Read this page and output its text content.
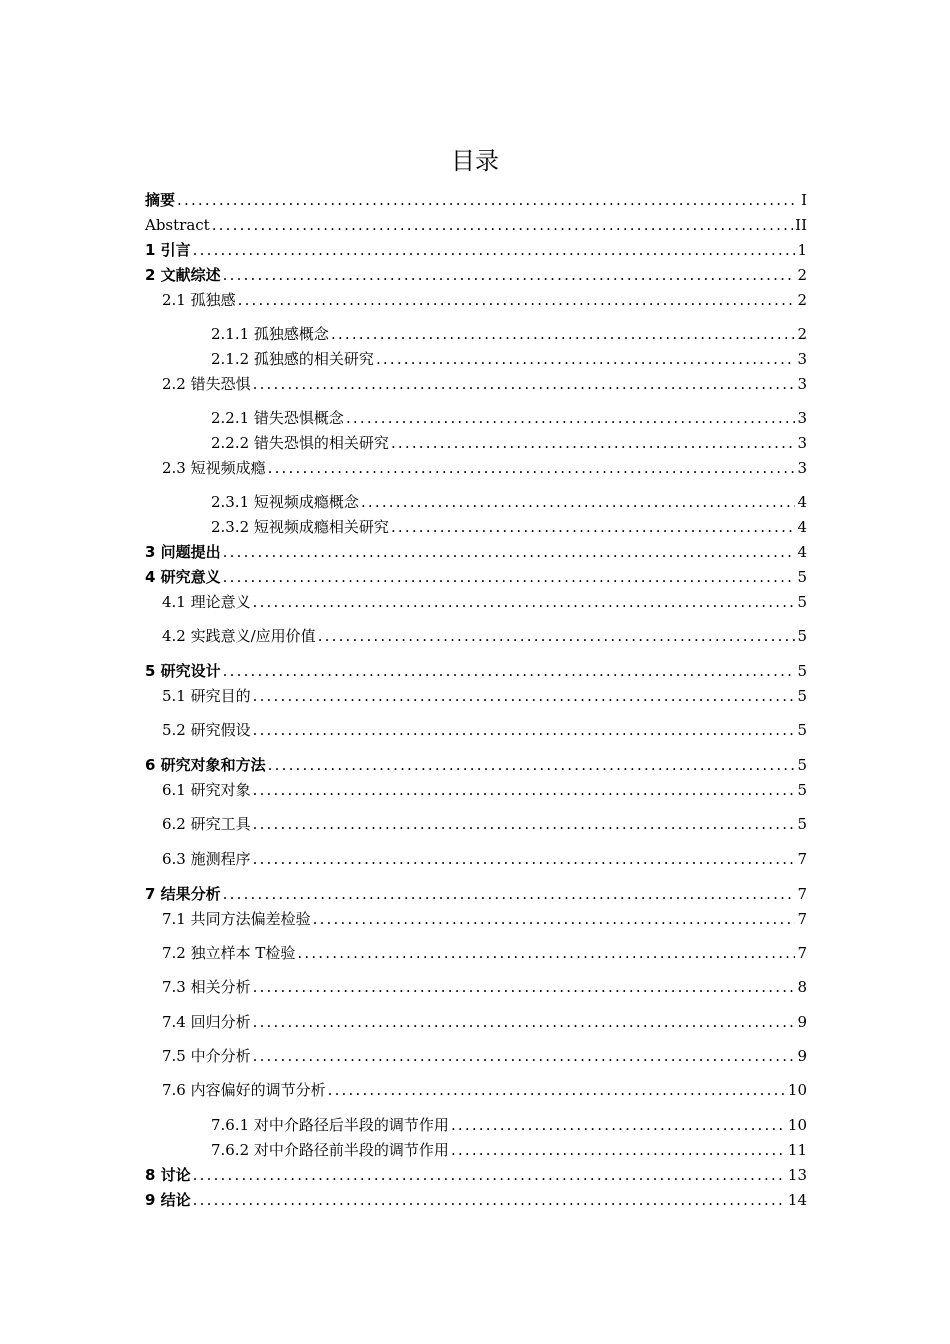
目录
摘要 .....	I
Abstract .....	II
1 引言 .....	1
2 文献综述 .....	2
2.1 孤独感 .....	2
2.1.1 孤独感概念 .....	2
2.1.2 孤独感的相关研究 .....	3
2.2 错失恐惧 .....	3
2.2.1 错失恐惧概念 .....	3
2.2.2 错失恐惧的相关研究 .....	3
2.3 短视频成瘾 .....	3
2.3.1 短视频成瘾概念 .....	4
2.3.2 短视频成瘾相关研究 .....	4
3 问题提出 .....	4
4 研究意义 .....	5
4.1 理论意义 .....	5
4.2 实践意义/应用价值 .....	5
5 研究设计 .....	5
5.1 研究目的 .....	5
5.2 研究假设 .....	5
6 研究对象和方法 .....	5
6.1 研究对象 .....	5
6.2 研究工具 .....	5
6.3 施测程序 .....	7
7 结果分析 .....	7
7.1 共同方法偏差检验 .....	7
7.2 独立样本 T检验 .....	7
7.3 相关分析 .....	8
7.4 回归分析 .....	9
7.5 中介分析 .....	9
7.6 内容偏好的调节分析 .....	10
7.6.1 对中介路径后半段的调节作用 .....	10
7.6.2 对中介路径前半段的调节作用 .....	11
8 讨论 .....	13
9 结论 .....	14
